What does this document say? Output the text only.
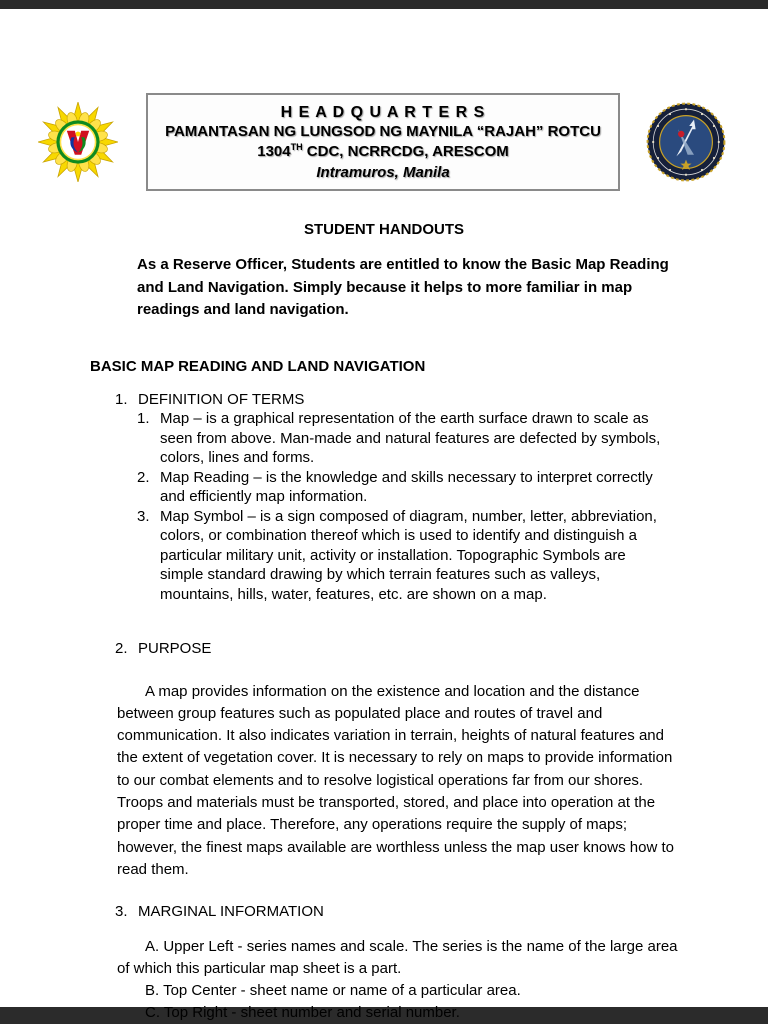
H E A D Q U A R T E R S
PAMANTASAN NG LUNGSOD NG MAYNILA “RAJAH” ROTCU
1304TH CDC, NCRRCDG, ARESCOM
Intramuros, Manila
STUDENT HANDOUTS

As a Reserve Officer, Students are entitled to know the Basic Map Reading and Land Navigation. Simply because it helps to more familiar in map readings and land navigation.

BASIC MAP READING AND LAND NAVIGATION
1. DEFINITION OF TERMS
1. Map – is a graphical representation of the earth surface drawn to scale as seen from above. Man-made and natural features are defected by symbols, colors, lines and forms.
2. Map Reading – is the knowledge and skills necessary to interpret correctly and efficiently map information.
3. Map Symbol – is a sign composed of diagram, number, letter, abbreviation, colors, or combination thereof which is used to identify and distinguish a particular military unit, activity or installation. Topographic Symbols are simple standard drawing by which terrain features such as valleys, mountains, hills, water, features, etc. are shown on a map.
2. PURPOSE

A map provides information on the existence and location and the distance between group features such as populated place and routes of travel and communication. It also indicates variation in terrain, heights of natural features and the extent of vegetation cover. It is necessary to rely on maps to provide information to our combat elements and to resolve logistical operations far from our shores. Troops and materials must be transported, stored, and place into operation at the proper time and place. Therefore, any operations require the supply of maps; however, the finest maps available are worthless unless the map user knows how to read them.

3. MARGINAL INFORMATION

A. Upper Left - series names and scale. The series is the name of the large area of which this particular map sheet is a part.

B. Top Center - sheet name or name of a particular area.

C. Top Right - sheet number and serial number.
